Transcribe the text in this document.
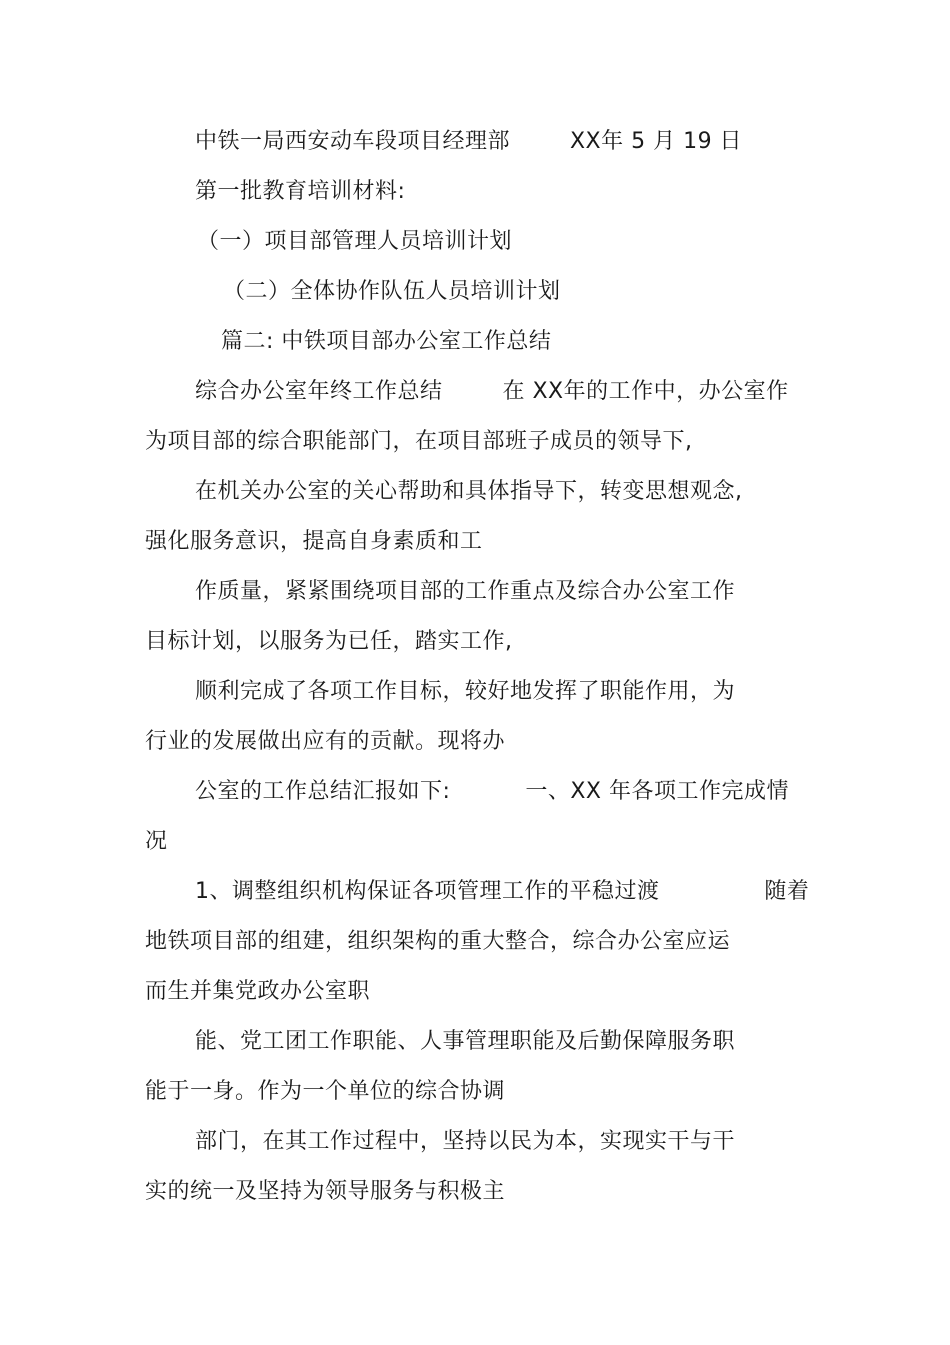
中铁一局西安动车段项目经理部        XX年 5 月 19 日
第一批教育培训材料:
（一）项目部管理人员培训计划
（二）全体协作队伍人员培训计划
篇二: 中铁项目部办公室工作总结
综合办公室年终工作总结        在 XX年的工作中，办公室作
为项目部的综合职能部门，在项目部班子成员的领导下,
在机关办公室的关心帮助和具体指导下，转变思想观念,
强化服务意识，提高自身素质和工
作质量，紧紧围绕项目部的工作重点及综合办公室工作
目标计划，以服务为已任，踏实工作,
顺利完成了各项工作目标，较好地发挥了职能作用，为
行业的发展做出应有的贡献。现将办
公室的工作总结汇报如下:          一、XX 年各项工作完成情
况
1、调整组织机构保证各项管理工作的平稳过渡              随着
地铁项目部的组建，组织架构的重大整合，综合办公室应运
而生并集党政办公室职
能、党工团工作职能、人事管理职能及后勤保障服务职
能于一身。作为一个单位的综合协调
部门，在其工作过程中，坚持以民为本，实现实干与干
实的统一及坚持为领导服务与积极主
